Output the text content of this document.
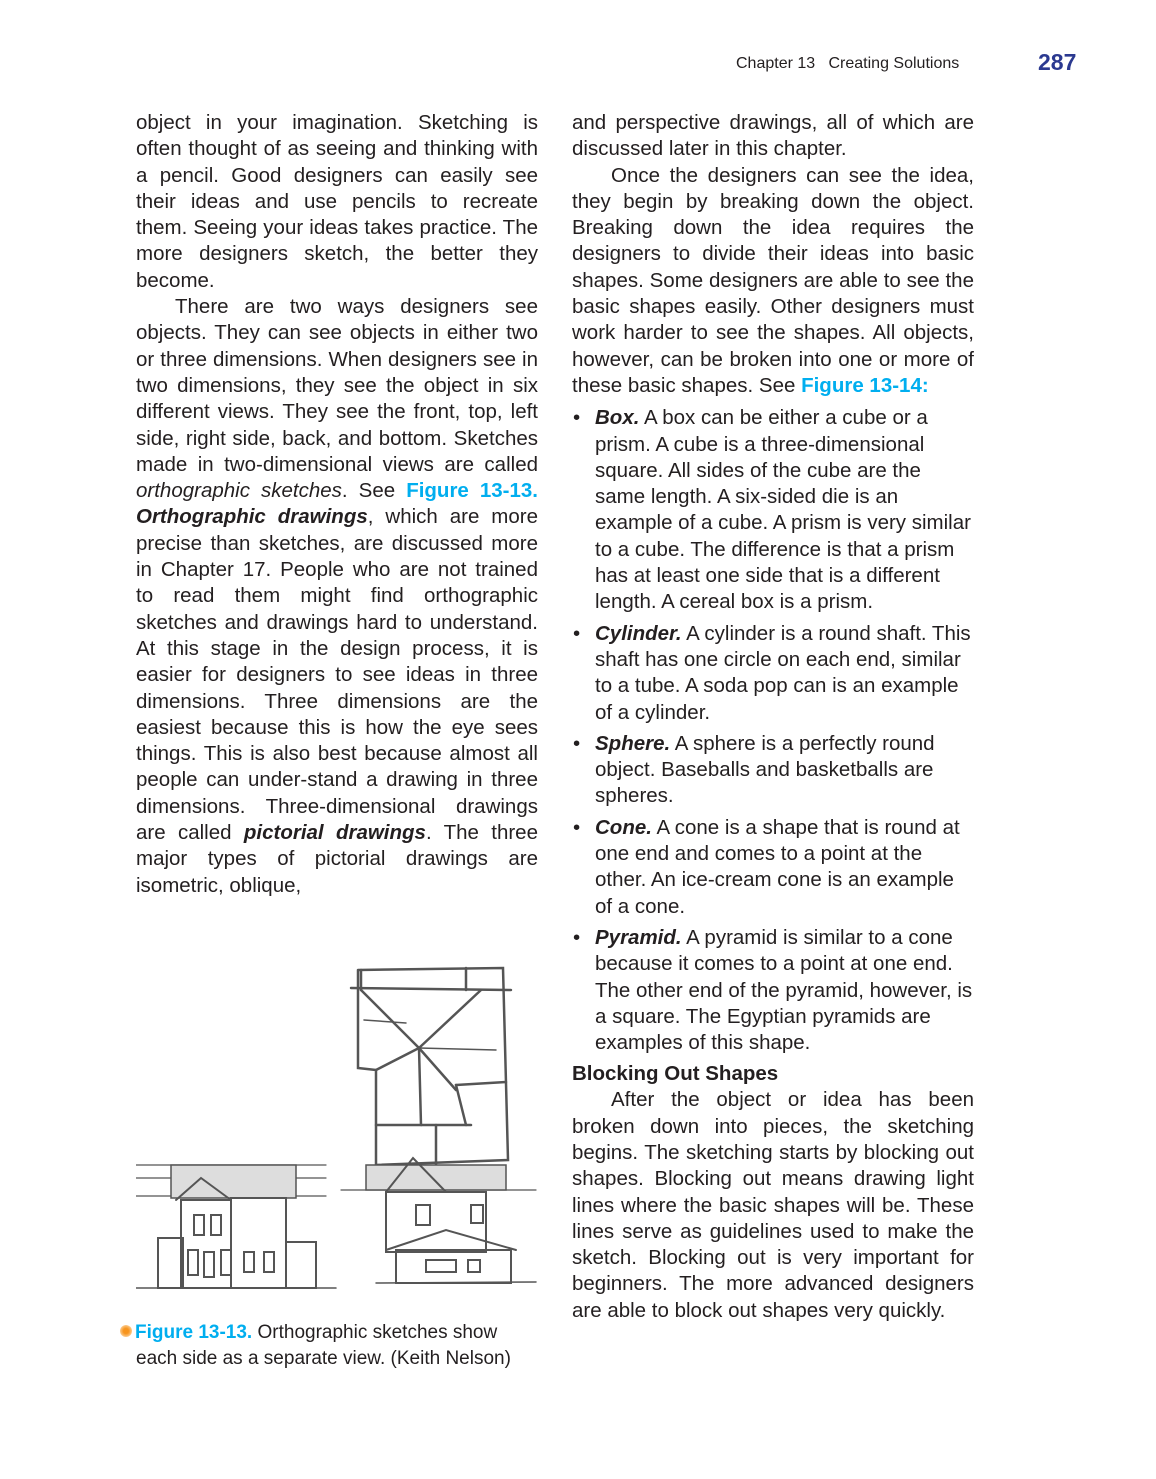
Chapter 13   Creating Solutions	287

object in your imagination. Sketching is often thought of as seeing and thinking with a pencil. Good designers can easily see their ideas and use pencils to recreate them. Seeing your ideas takes practice. The more designers sketch, the better they become.

There are two ways designers see objects. They can see objects in either two or three dimensions. When designers see in two dimensions, they see the object in six different views. They see the front, top, left side, right side, back, and bottom. Sketches made in two-dimensional views are called orthographic sketches. See Figure 13-13. Orthographic drawings, which are more precise than sketches, are discussed more in Chapter 17. People who are not trained to read them might find orthographic sketches and drawings hard to understand. At this stage in the design process, it is easier for designers to see ideas in three dimensions. Three dimensions are the easiest because this is how the eye sees things. This is also best because almost all people can under-stand a drawing in three dimensions. Three-dimensional drawings are called pictorial drawings. The three major types of pictorial drawings are isometric, oblique,

and perspective drawings, all of which are discussed later in this chapter.

Once the designers can see the idea, they begin by breaking down the object. Breaking down the idea requires the designers to divide their ideas into basic shapes. Some designers are able to see the basic shapes easily. Other designers must work harder to see the shapes. All objects, however, can be broken into one or more of these basic shapes. See Figure 13-14:

• Box. A box can be either a cube or a prism. A cube is a three-dimensional square. All sides of the cube are the same length. A six-sided die is an example of a cube. A prism is very similar to a cube. The difference is that a prism has at least one side that is a different length. A cereal box is a prism.
• Cylinder. A cylinder is a round shaft. This shaft has one circle on each end, similar to a tube. A soda pop can is an example of a cylinder.
• Sphere. A sphere is a perfectly round object. Baseballs and basketballs are spheres.
• Cone. A cone is a shape that is round at one end and comes to a point at the other. An ice-cream cone is an example of a cone.
• Pyramid. A pyramid is similar to a cone because it comes to a point at one end. The other end of the pyramid, however, is a square. The Egyptian pyramids are examples of this shape.
Blocking Out Shapes

After the object or idea has been broken down into pieces, the sketching begins. The sketching starts by blocking out shapes. Blocking out means drawing light lines where the basic shapes will be. These lines serve as guidelines used to make the sketch. Blocking out is very important for beginners. The more advanced designers are able to block out shapes very quickly.

Figure 13-13. Orthographic sketches show
each side as a separate view. (Keith Nelson)
